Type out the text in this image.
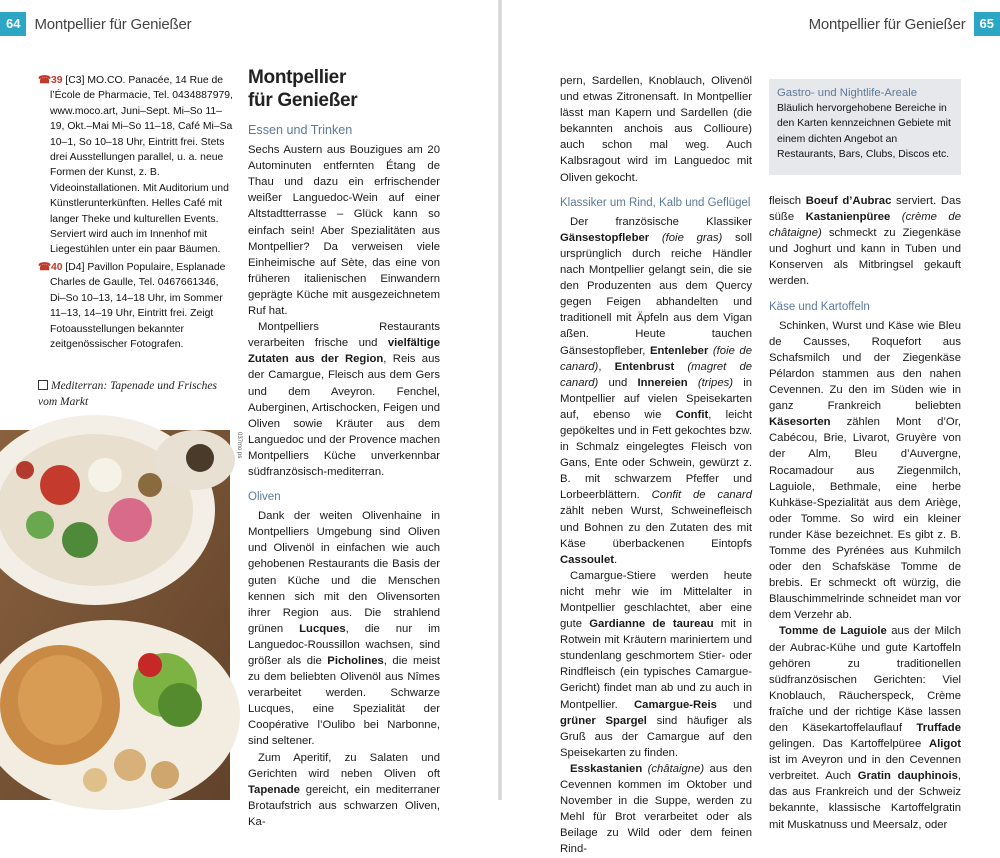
64 Montpellier für Genießer	Montpellier für Genießer	65
☎39 [C3] MO.CO. Panacée, 14 Rue de l’École de Pharmacie, Tel. 0434887979, www.moco.art, Juni–Sept. Mi–So 11–19, Okt.–Mai Mi–So 11–18, Café Mi–Sa 10–1, So 10–18 Uhr, Eintritt frei. Stets drei Ausstellungen parallel, u. a. neue Formen der Kunst, z. B. Videoinstallationen. Mit Auditorium und Künstlerunterkünften. Helles Café mit langer Theke und kulturellen Events. Serviert wird auch im Innenhof mit Liegestühlen unter ein paar Bäumen.
☎40 [D4] Pavillon Populaire, Esplanade Charles de Gaulle, Tel. 0467661346, Di–So 10–13, 14–18 Uhr, im Sommer 11–13, 14–19 Uhr, Eintritt frei. Zeigt Fotoausstellungen bekannter zeitgenössischer Fotografen.
Mediterran: Tapenade und Frisches vom Markt
037mo ps
Montpellier
für Genießer
Essen und Trinken

Sechs Austern aus Bouzigues am 20 Autominuten entfernten Étang de Thau und dazu ein erfrischender weißer Languedoc-Wein auf einer Altstadtterrasse – Glück kann so einfach sein! Aber Spezialitäten aus Montpellier? Da verweisen viele Einheimische auf Sète, das eine von früheren italienischen Einwandern geprägte Küche mit ausgezeichnetem Ruf hat.

Montpelliers Restaurants verarbeiten frische und vielfältige Zutaten aus der Region, Reis aus der Camargue, Fleisch aus dem Gers und dem Aveyron. Fenchel, Auberginen, Artischocken, Feigen und Oliven sowie Kräuter aus dem Languedoc und der Provence machen Montpelliers Küche unverkennbar südfranzösisch-mediterran.

Oliven

Dank der weiten Olivenhaine in Montpelliers Umgebung sind Oliven und Olivenöl in einfachen wie auch gehobenen Restaurants die Basis der guten Küche und die Menschen kennen sich mit den Olivensorten ihrer Region aus. Die strahlend grünen Lucques, die nur im Languedoc-Roussillon wachsen, sind größer als die Picholines, die meist zu dem beliebten Olivenöl aus Nîmes verarbeitet werden. Schwarze Lucques, eine Spezialität der Coopérative l’Oulibo bei Narbonne, sind seltener.

Zum Aperitif, zu Salaten und Gerichten wird neben Oliven oft Tapenade gereicht, ein mediterraner Brotaufstrich aus schwarzen Oliven, Ka-

pern, Sardellen, Knoblauch, Olivenöl und etwas Zitronensaft. In Montpellier lässt man Kapern und Sardellen (die bekannten anchois aus Collioure) auch schon mal weg. Auch Kalbsragout wird im Languedoc mit Oliven gekocht.

Klassiker um Rind, Kalb und Geflügel

Der französische Klassiker Gänsestopfleber (foie gras) soll ursprünglich durch reiche Händler nach Montpellier gelangt sein, die sie den Produzenten aus dem Quercy gegen Feigen abhandelten und traditionell mit Äpfeln aus dem Vigan aßen. Heute tauchen Gänsestopfleber, Entenleber (foie de canard), Entenbrust (magret de canard) und Innereien (tripes) in Montpellier auf vielen Speisekarten auf, ebenso wie Confit, leicht gepökeltes und in Fett gekochtes bzw. in Schmalz eingelegtes Fleisch von Gans, Ente oder Schwein, gewürzt z. B. mit schwarzem Pfeffer und Lorbeerblättern. Confit de canard zählt neben Wurst, Schweinefleisch und Bohnen zu den Zutaten des mit Käse überbackenen Eintopfs Cassoulet.

Camargue-Stiere werden heute nicht mehr wie im Mittelalter in Montpellier geschlachtet, aber eine gute Gardianne de taureau mit in Rotwein mit Kräutern mariniertem und stundenlang geschmortem Stier- oder Rindfleisch (ein typisches Camargue-Gericht) findet man ab und zu auch in Montpellier. Camargue-Reis und grüner Spargel sind häufiger als Gruß aus der Camargue auf den Speisekarten zu finden.

Esskastanien (châtaigne) aus den Cevennen kommen im Oktober und November in die Suppe, werden zu Mehl für Brot verarbeitet oder als Beilage zu Wild oder dem feinen Rind-

Gastro- und Nightlife-Areale
Bläulich hervorgehobene Bereiche in den Karten kennzeichnen Gebiete mit einem dichten Angebot an Restaurants, Bars, Clubs, Discos etc.

fleisch Boeuf d’Aubrac serviert. Das süße Kastanienpüree (crème de châtaigne) schmeckt zu Ziegenkäse und Joghurt und kann in Tuben und Konserven als Mitbringsel gekauft werden.

Käse und Kartoffeln

Schinken, Wurst und Käse wie Bleu de Causses, Roquefort aus Schafsmilch und der Ziegenkäse Pélardon stammen aus den nahen Cevennen. Zu den im Süden wie in ganz Frankreich beliebten Käsesorten zählen Mont d’Or, Cabécou, Brie, Livarot, Gruyère von der Alm, Bleu d’Auvergne, Rocamadour aus Ziegenmilch, Laguiole, Bethmale, eine herbe Kuhkäse-Spezialität aus dem Ariège, oder Tomme. So wird ein kleiner runder Käse bezeichnet. Es gibt z. B. Tomme des Pyrénées aus Kuhmilch oder den Schafskäse Tomme de brebis. Er schmeckt oft würzig, die Blauschimmelrinde schneidet man vor dem Verzehr ab.

Tomme de Laguiole aus der Milch der Aubrac-Kühe und gute Kartoffeln gehören zu traditionellen südfranzösischen Gerichten: Viel Knoblauch, Räucherspeck, Crème fraîche und der richtige Käse lassen den Käsekartoffelauflauf Truffade gelingen. Das Kartoffelpüree Aligot ist im Aveyron und in den Cevennen verbreitet. Auch Gratin dauphinois, das aus Frankreich und der Schweiz bekannte, klassische Kartoffelgratin mit Muskatnuss und Meersalz, oder
